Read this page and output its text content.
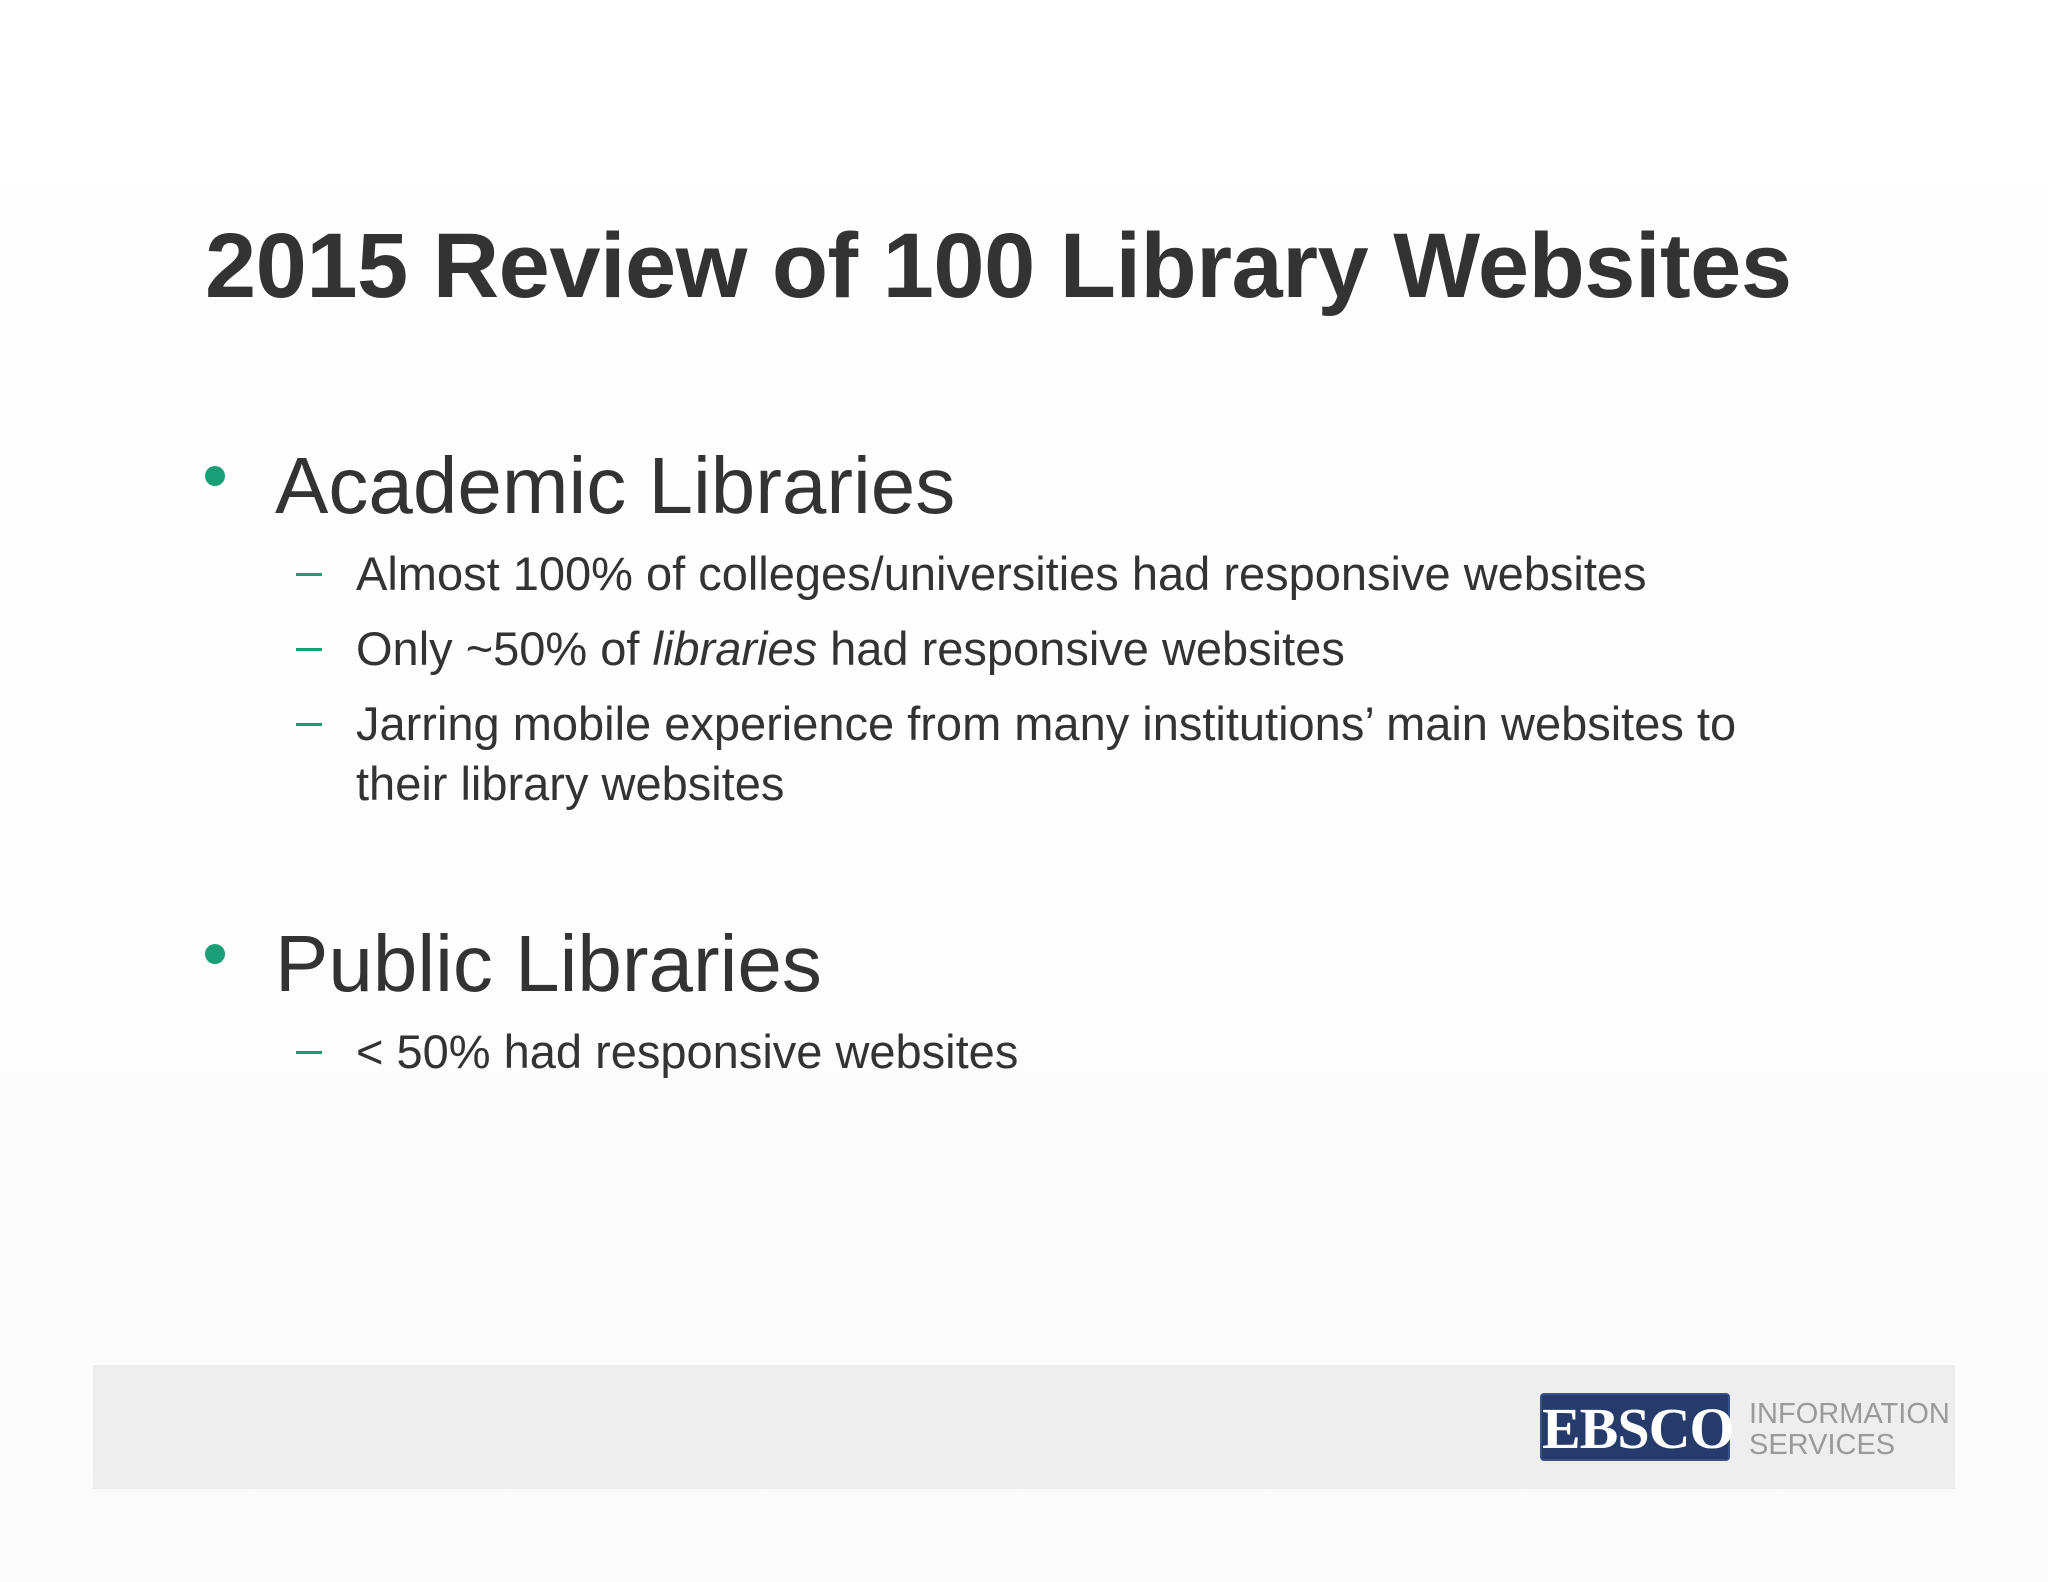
2015 Review of 100 Library Websites
Academic Libraries
Almost 100% of colleges/universities had responsive websites
Only ~50% of libraries had responsive websites
Jarring mobile experience from many institutions’ main websites to
their library websites
Public Libraries
< 50% had responsive websites
EBSCO INFORMATION
SERVICES
